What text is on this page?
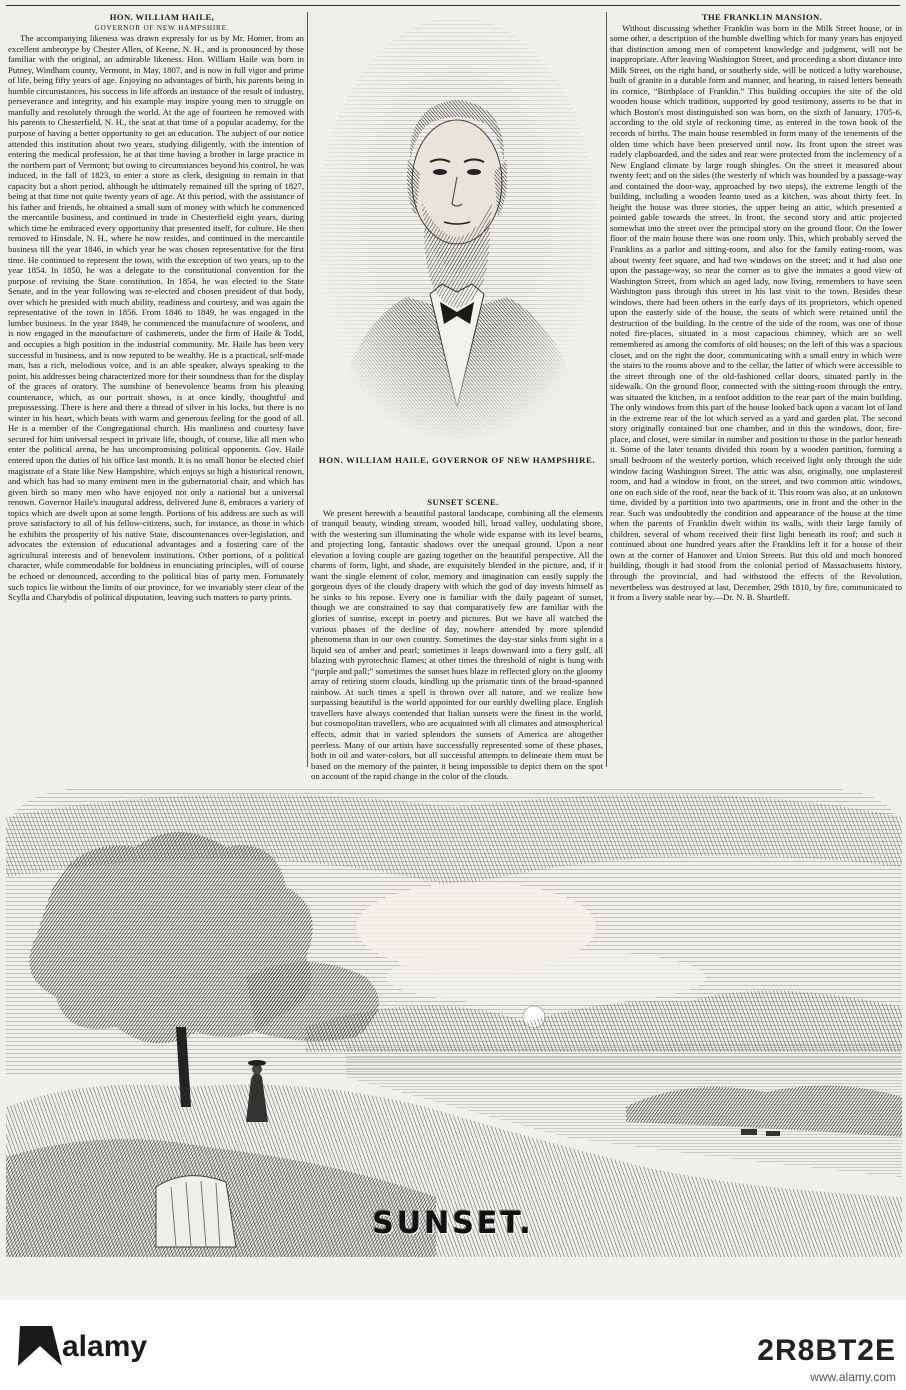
HON. WILLIAM HAILE,

GOVERNOR OF NEW HAMPSHIRE.

The accompanying likeness was drawn expressly for us by Mr. Homer, from an excellent ambrotype by Chester Allen, of Keene, N. H., and is pronounced by those familiar with the original, an admirable likeness. Hon. William Haile was born in Putney, Windham county, Vermont, in May, 1807, and is now in full vigor and prime of life, being fifty years of age. Enjoying no advantages of birth, his parents being in humble circumstances, his success in life affords an instance of the result of industry, perseverance and integrity, and his example may inspire young men to struggle on manfully and resolutely through the world. At the age of fourteen he removed with his parents to Chesterfield, N. H., the seat at that time of a popular academy, for the purpose of having a better opportunity to get an education. The subject of our notice attended this institution about two years, studying diligently, with the intention of entering the medical profession, he at that time having a brother in large practice in the northern part of Vermont; but owing to circumstances beyond his control, he was induced, in the fall of 1823, to enter a store as clerk, designing to remain in that capacity but a short period, although he ultimately remained till the spring of 1827, being at that time not quite twenty years of age. At this period, with the assistance of his father and friends, he obtained a small sum of money with which he commenced the mercantile business, and continued in trade in Chesterfield eight years, during which time he embraced every opportunity that presented itself, for culture. He then removed to Hinsdale, N. H., where he now resides, and continued in the mercantile business till the year 1846, in which year he was chosen representative for the first time. He continued to represent the town, with the exception of two years, up to the year 1854. In 1850, he was a delegate to the constitutional convention for the purpose of revising the State constitution. In 1854, he was elected to the State Senate, and in the year following was re-elected and chosen president of that body, over which he presided with much ability, readiness and courtesy, and was again the representative of the town in 1856. From 1846 to 1849, he was engaged in the lumber business. In the year 1849, he commenced the manufacture of woolens, and is now engaged in the manufacture of cashmerets, under the firm of Haile & Todd, and occupies a high position in the industrial community. Mr. Haile has been very successful in business, and is now reputed to be wealthy. He is a practical, self-made man, has a rich, melodious voice, and is an able speaker, always speaking to the point, his addresses being characterized more for their soundness than for the display of the graces of oratory. The sunshine of benevolence beams from his pleasing countenance, which, as our portrait shows, is at once kindly, thoughtful and prepossessing. There is here and there a thread of silver in his locks, but there is no winter in his heart, which beats with warm and generous feeling for the good of all. He is a member of the Congregational church. His manliness and courtesy have secured for him universal respect in private life, though, of course, like all men who enter the political arena, he has uncompromising political opponents. Gov. Haile entered upon the duties of his office last month. It is no small honor be elected chief magistrate of a State like New Hampshire, which enjoys so high a historical renown, and which has had so many eminent men in the gubernatorial chair, and which has given birth so many men who have enjoyed not only a national but a universal renown. Governor Haile's inaugural address, delivered June 8, embraces a variety of topics which are dwelt upon at some length. Portions of his address are such as will prove satisfactory to all of his fellow-citizens, such, for instance, as those in which he exhibits the prosperity of his native State, discountenances over-legislation, and advocates the extension of educational advantages and a fostering care of the agricultural interests and of benevolent institutions. Other portions, of a political character, while commendable for boldness in enunciating principles, will of course be echoed or denounced, according to the political bias of party men. Fortunately such topics lie without the limits of our province, for we invariably steer clear of the Scylla and Charybdis of political disputation, leaving such matters to party prints.

HON. WILLIAM HAILE, GOVERNOR OF NEW HAMPSHIRE.

SUNSET SCENE.

We present herewith a beautiful pastoral landscape, combining all the elements of tranquil beauty, winding stream, wooded hill, broad valley, undulating shore, with the westering sun illuminating the whole wide expanse with its level beams, and projecting long, fantastic shadows over the unequal ground. Upon a near elevation a loving couple are gazing together on the beautiful perspective. All the charms of form, light, and shade, are exquisitely blended in the picture, and, if it want the single element of color, memory and imagination can easily supply the gorgeous dyes of the cloudy drapery with which the god of day invests himself as he sinks to his repose. Every one is familiar with the daily pageant of sunset, though we are constrained to say that comparatively few are familiar with the glories of sunrise, except in poetry and pictures. But we have all watched the various phases of the decline of day, nowhere attended by more splendid phenomena than in our own country. Sometimes the day-star sinks from sight in a liquid sea of amber and pearl; sometimes it leaps downward into a fiery gulf, all blazing with pyrotechnic flames; at other times the threshold of night is hung with “purple and pall;” sometimes the sunset hues blaze in reflected glory on the gloomy array of retiring storm clouds, kindling up the prismatic tints of the broad-spanned rainbow. At such times a spell is thrown over all nature, and we realize how surpassing beautiful is the world appointed for our earthly dwelling place. English travellers have always contended that Italian sunsets were the finest in the world, but cosmopolitan travellers, who are acquainted with all climates and atmospherical effects, admit that in varied splendors the sunsets of America are altogether peerless. Many of our artists have successfully represented some of these phases, both in oil and water-colors, but all successful attempts to delineate them must be based on the memory of the painter, it being impossible to depict them on the spot on account of the rapid change in the color of the clouds.

THE FRANKLIN MANSION.

Without discussing whether Franklin was born in the Milk Street house, or in some other, a description of the humble dwelling which for many years has enjoyed that distinction among men of competent knowledge and judgment, will not be inappropriate. After leaving Washington Street, and proceeding a short distance into Milk Street, on the right hand, or southerly side, will be noticed a lofty warehouse, built of granite in a durable form and manner, and bearing, in raised letters beneath its cornice, “Birthplace of Franklin.” This building occupies the site of the old wooden house which tradition, supported by good testimony, asserts to be that in which Boston's most distinguished son was born, on the sixth of January, 1705-6, according to the old style of reckoning time, as entered in the town book of the records of births. The main house resembled in form many of the tenements of the olden time which have been preserved until now. Its front upon the street was rudely clapboarded, and the sides and rear were protected from the inclemency of a New England climate by large rough shingles. On the street it measured about twenty feet; and on the sides (the westerly of which was bounded by a passage-way and contained the door-way, approached by two steps), the extreme length of the building, including a wooden leanto used as a kitchen, was about thirty feet. In height the house was three stories, the upper being an attic, which presented a pointed gable towards the street. In front, the second story and attic projected somewhat into the street over the principal story on the ground floor. On the lower floor of the main house there was one room only. This, which probably served the Franklins as a parlor and sitting-room, and also for the family eating-room, was about twenty feet square, and had two windows on the street; and it had also one upon the passage-way, so near the corner as to give the inmates a good view of Washington Street, from which an aged lady, now living, remembers to have seen Washington pass through this street in his last visit to the town. Besides these windows, there had been others in the early days of its proprietors, which opened upon the easterly side of the house, the seats of which were retained until the destruction of the building. In the centre of the side of the room, was one of those noted fire-places, situated in a most capacious chimney, which are so well remembered as among the comforts of old houses; on the left of this was a spacious closet, and on the right the door, communicating with a small entry in which were the stairs to the rooms above and to the cellar, the latter of which were accessible to the street through one of the old-fashioned cellar doors, situated partly in the sidewalk. On the ground floor, connected with the sitting-room through the entry, was situated the kitchen, in a tenfoot addition to the rear part of the main building. The only windows from this part of the house looked back upon a vacant lot of land in the extreme rear of the lot which served as a yard and garden plat. The second story originally contained but one chamber, and in this the windows, door, fire-place, and closet, were similar in number and position to those in the parlor beneath it. Some of the later tenants divided this room by a wooden partition, forming a small bedroom of the westerly portion, which received light only through the side window facing Washington Street. The attic was also, originally, one unplastered room, and had a window in front, on the street, and two common attic windows, one on each side of the roof, near the back of it. This room was also, at an unknown time, divided by a partition into two apartments, one in front and the other in the rear. Such was undoubtedly the condition and appearance of the house at the time when the parents of Franklin dwelt within its walls, with their large family of children, several of whom received their first light beneath its roof; and such it continued about one hundred years after the Franklins left it for a house of their own at the corner of Hanover and Union Streets. But this old and much honored building, though it had stood from the colonial period of Massachusetts history, through the provincial, and had withstood the effects of the Revolution, nevertheless was destroyed at last, December, 29th 1810, by fire, communicated to it from a livery stable near by.—Dr. N. B. Shurtleff.

SUNSET.
alamy	2R8BT2E
www.alamy.com
